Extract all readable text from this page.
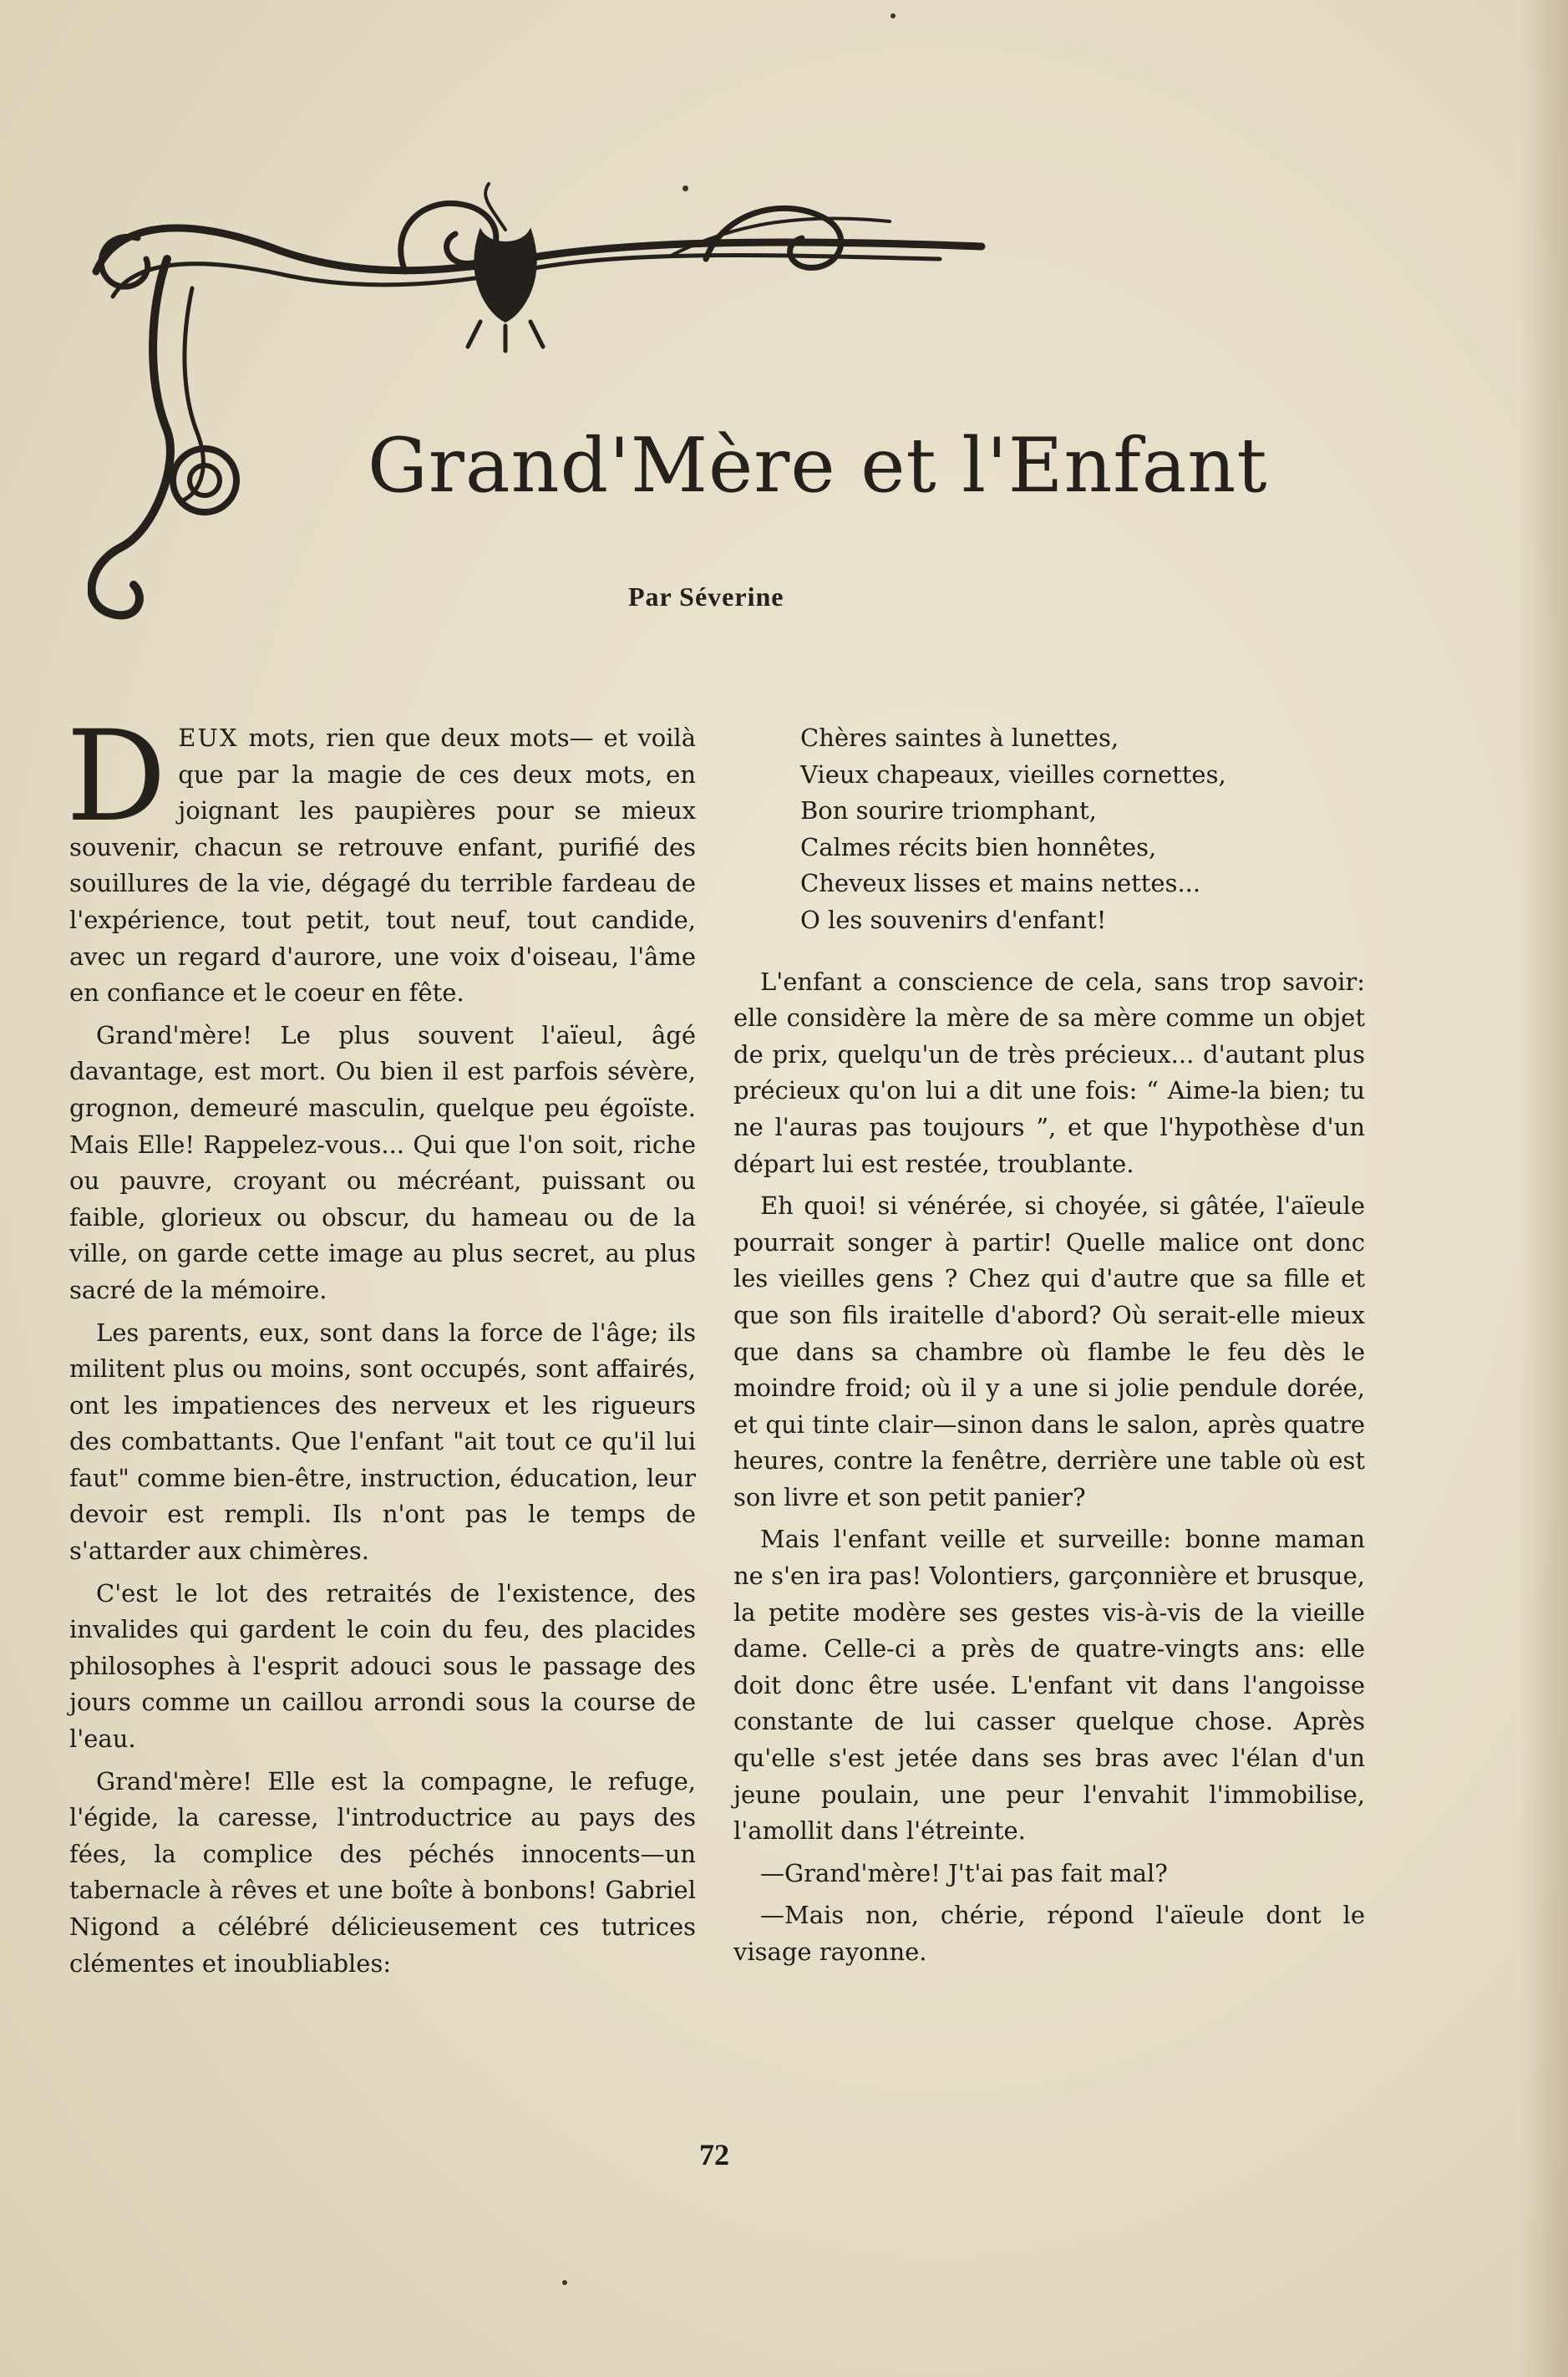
Grand'Mère et l'Enfant
Par Séverine

DEUX mots, rien que deux mots— et voilà que par la magie de ces deux mots, en joignant les paupières pour se mieux souvenir, chacun se retrouve enfant, purifié des souillures de la vie, dégagé du terrible fardeau de l'expérience, tout petit, tout neuf, tout candide, avec un regard d'aurore, une voix d'oiseau, l'âme en confiance et le coeur en fête.

Grand'mère! Le plus souvent l'aïeul, âgé davantage, est mort. Ou bien il est parfois sévère, grognon, demeuré masculin, quelque peu égoïste. Mais Elle! Rappelez-vous... Qui que l'on soit, riche ou pauvre, croyant ou mécréant, puissant ou faible, glorieux ou obscur, du hameau ou de la ville, on garde cette image au plus secret, au plus sacré de la mémoire.

Les parents, eux, sont dans la force de l'âge; ils militent plus ou moins, sont occupés, sont affairés, ont les impatiences des nerveux et les rigueurs des combattants. Que l'enfant "ait tout ce qu'il lui faut" comme bien-être, instruction, éducation, leur devoir est rempli. Ils n'ont pas le temps de s'attarder aux chimères.

C'est le lot des retraités de l'existence, des invalides qui gardent le coin du feu, des placides philosophes à l'esprit adouci sous le passage des jours comme un caillou arrondi sous la course de l'eau.

Grand'mère! Elle est la compagne, le refuge, l'égide, la caresse, l'introductrice au pays des fées, la complice des péchés innocents—un tabernacle à rêves et une boîte à bonbons! Gabriel Nigond a célébré délicieusement ces tutrices clémentes et inoubliables:

Chères saintes à lunettes,
Vieux chapeaux, vieilles cornettes,
Bon sourire triomphant,
Calmes récits bien honnêtes,
Cheveux lisses et mains nettes...
O les souvenirs d'enfant!

L'enfant a conscience de cela, sans trop savoir: elle considère la mère de sa mère comme un objet de prix, quelqu'un de très précieux... d'autant plus précieux qu'on lui a dit une fois: “ Aime-la bien; tu ne l'auras pas toujours ”, et que l'hypothèse d'un départ lui est restée, troublante.

Eh quoi! si vénérée, si choyée, si gâtée, l'aïeule pourrait songer à partir! Quelle malice ont donc les vieilles gens ? Chez qui d'autre que sa fille et que son fils iraitelle d'abord? Où serait-elle mieux que dans sa chambre où flambe le feu dès le moindre froid; où il y a une si jolie pendule dorée, et qui tinte clair—sinon dans le salon, après quatre heures, contre la fenêtre, derrière une table où est son livre et son petit panier?

Mais l'enfant veille et surveille: bonne maman ne s'en ira pas! Volontiers, garçonnière et brusque, la petite modère ses gestes vis-à-vis de la vieille dame. Celle-ci a près de quatre-vingts ans: elle doit donc être usée. L'enfant vit dans l'angoisse constante de lui casser quelque chose. Après qu'elle s'est jetée dans ses bras avec l'élan d'un jeune poulain, une peur l'envahit l'immobilise, l'amollit dans l'étreinte.

—Grand'mère! J't'ai pas fait mal?

—Mais non, chérie, répond l'aïeule dont le visage rayonne.

72
